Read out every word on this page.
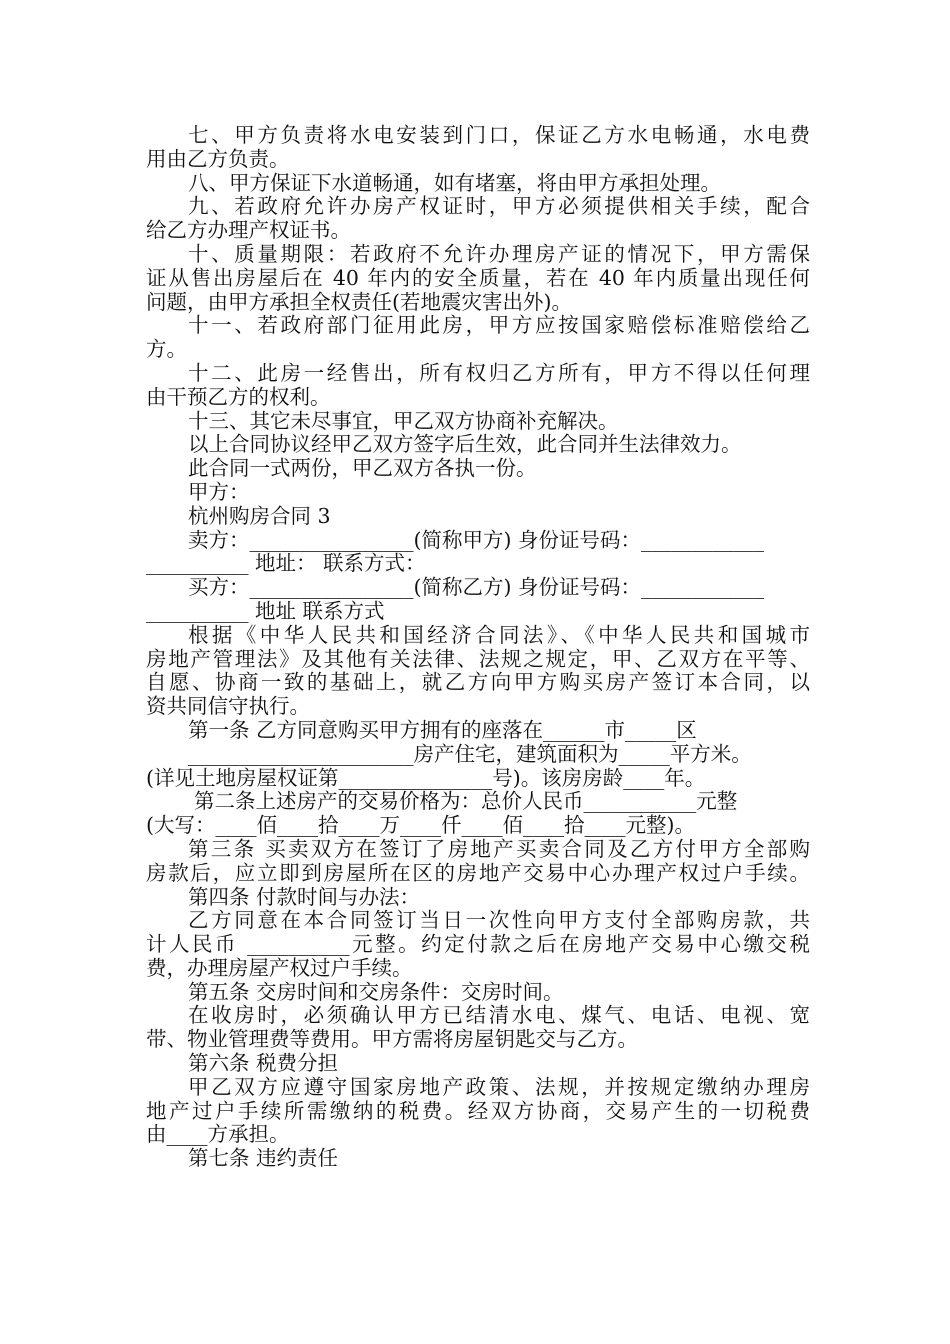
七、甲方负责将水电安装到门口，保证乙方水电畅通，水电费
用由乙方负责。
八、甲方保证下水道畅通，如有堵塞，将由甲方承担处理。
九、若政府允许办房产权证时，甲方必须提供相关手续，配合
给乙方办理产权证书。
十、质量期限：若政府不允许办理房产证的情况下，甲方需保
证从售出房屋后在 40 年内的安全质量，若在 40 年内质量出现任何
问题，由甲方承担全权责任(若地震灾害出外)。
十一、若政府部门征用此房，甲方应按国家赔偿标准赔偿给乙
方。
十二、此房一经售出，所有权归乙方所有，甲方不得以任何理
由干预乙方的权利。
十三、其它未尽事宜，甲乙双方协商补充解决。
以上合同协议经甲乙双方签字后生效，此合同并生法律效力。
此合同一式两份，甲乙双方各执一份。
甲方：
杭州购房合同 3
卖方：________________(简称甲方) 身份证号码：____________
__________ 地址： 联系方式：
买方：________________(简称乙方) 身份证号码：____________
__________ 地址 联系方式
根据《中华人民共和国经济合同法》、《中华人民共和国城市
房地产管理法》及其他有关法律、法规之规定，甲、乙双方在平等、
自愿、协商一致的基础上，就乙方向甲方购买房产签订本合同，以
资共同信守执行。
第一条 乙方同意购买甲方拥有的座落在______市_____区
______________________房产住宅，建筑面积为_____平方米。
(详见土地房屋权证第_______________号)。该房房龄____年。
第二条上述房产的交易价格为：总价人民币___________元整
(大写：____佰____拾____万____仟____佰____拾____元整)。
第三条 买卖双方在签订了房地产买卖合同及乙方付甲方全部购
房款后，应立即到房屋所在区的房地产交易中心办理产权过户手续。
第四条 付款时间与办法：
乙方同意在本合同签订当日一次性向甲方支付全部购房款，共
计人民币 __________元整。约定付款之后在房地产交易中心缴交税
费，办理房屋产权过户手续。
第五条 交房时间和交房条件：交房时间。
在收房时，必须确认甲方已结清水电、煤气、电话、电视、宽
带、物业管理费等费用。甲方需将房屋钥匙交与乙方。
第六条 税费分担
甲乙双方应遵守国家房地产政策、法规，并按规定缴纳办理房
地产过户手续所需缴纳的税费。经双方协商，交易产生的一切税费
由____方承担。
第七条 违约责任
